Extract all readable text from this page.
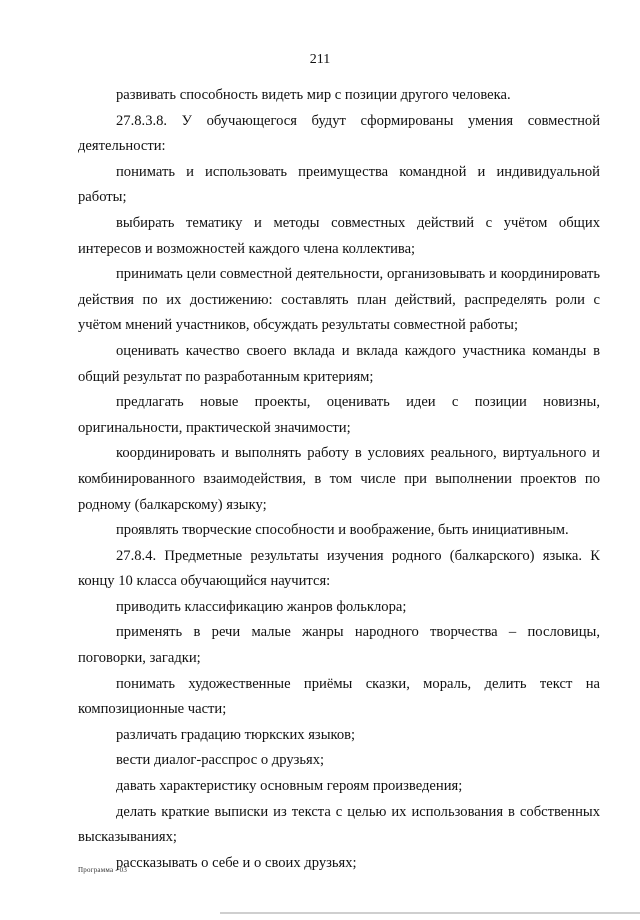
211

развивать способность видеть мир с позиции другого человека.

27.8.3.8. У обучающегося будут сформированы умения совместной деятельности:

понимать и использовать преимущества командной и индивидуальной работы;

выбирать тематику и методы совместных действий с учётом общих интересов и возможностей каждого члена коллектива;

принимать цели совместной деятельности, организовывать и координировать действия по их достижению: составлять план действий, распределять роли с учётом мнений участников, обсуждать результаты совместной работы;

оценивать качество своего вклада и вклада каждого участника команды в общий результат по разработанным критериям;

предлагать новые проекты, оценивать идеи с позиции новизны, оригинальности, практической значимости;

координировать и выполнять работу в условиях реального, виртуального и комбинированного взаимодействия, в том числе при выполнении проектов по родному (балкарскому) языку;

проявлять творческие способности и воображение, быть инициативным.

27.8.4. Предметные результаты изучения родного (балкарского) языка. К концу 10 класса обучающийся научится:

приводить классификацию жанров фольклора;

применять в речи малые жанры народного творчества – пословицы, поговорки, загадки;

понимать художественные приёмы сказки, мораль, делить текст на композиционные части;

различать градацию тюркских языков;

вести диалог-расспрос о друзьях;

давать характеристику основным героям произведения;

делать краткие выписки из текста с целью их использования в собственных высказываниях;

рассказывать о себе и о своих друзьях;

Программа - 03
